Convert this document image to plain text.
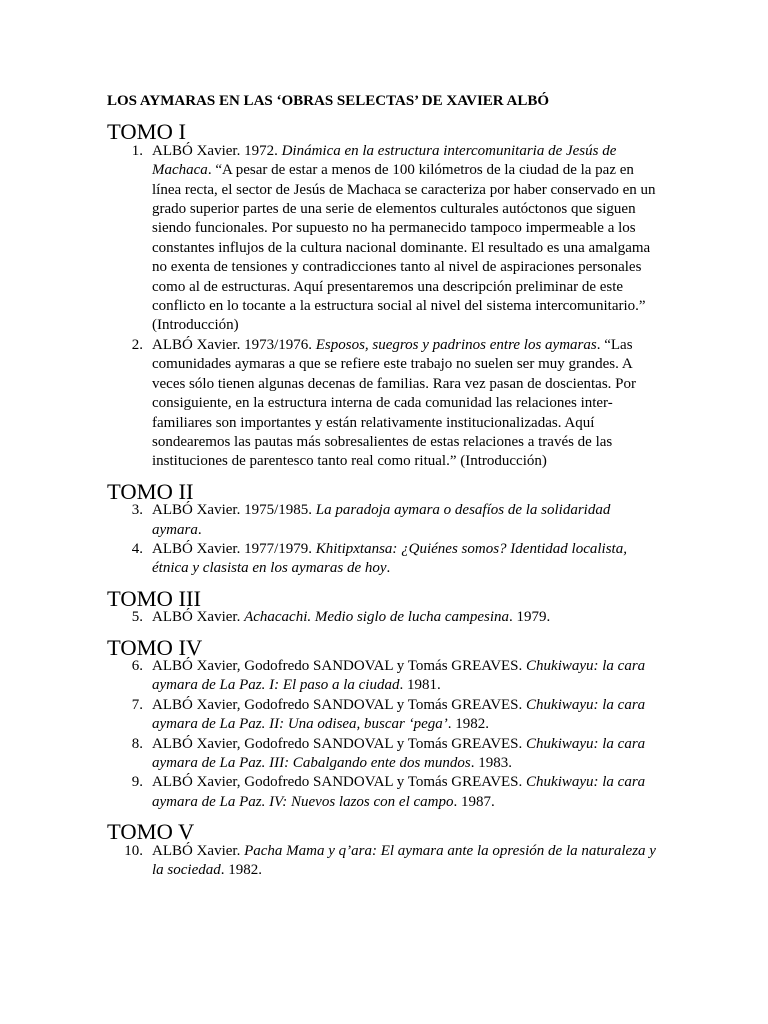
LOS AYMARAS EN LAS ‘OBRAS SELECTAS’ DE XAVIER ALBÓ
TOMO I
1. ALBÓ Xavier. 1972. Dinámica en la estructura intercomunitaria de Jesús de Machaca. “A pesar de estar a menos de 100 kilómetros de la ciudad de la paz en línea recta, el sector de Jesús de Machaca se caracteriza por haber conservado en un grado superior partes de una serie de elementos culturales autóctonos que siguen siendo funcionales. Por supuesto no ha permanecido tampoco impermeable a los constantes influjos de la cultura nacional dominante. El resultado es una amalgama no exenta de tensiones y contradicciones tanto al nivel de aspiraciones personales como al de estructuras. Aquí presentaremos una descripción preliminar de este conflicto en lo tocante a la estructura social al nivel del sistema intercomunitario.” (Introducción)
2. ALBÓ Xavier. 1973/1976. Esposos, suegros y padrinos entre los aymaras. “Las comunidades aymaras a que se refiere este trabajo no suelen ser muy grandes. A veces sólo tienen algunas decenas de familias. Rara vez pasan de doscientas. Por consiguiente, en la estructura interna de cada comunidad las relaciones inter-familiares son importantes y están relativamente institucionalizadas. Aquí sondearemos las pautas más sobresalientes de estas relaciones a través de las instituciones de parentesco tanto real como ritual.” (Introducción)
TOMO II
3. ALBÓ Xavier. 1975/1985. La paradoja aymara o desafíos de la solidaridad aymara.
4. ALBÓ Xavier. 1977/1979. Khitipxtansa: ¿Quiénes somos? Identidad localista, étnica y clasista en los aymaras de hoy.
TOMO III
5. ALBÓ Xavier. Achacachi. Medio siglo de lucha campesina. 1979.
TOMO IV
6. ALBÓ Xavier, Godofredo SANDOVAL y Tomás GREAVES. Chukiwayu: la cara aymara de La Paz. I: El paso a la ciudad. 1981.
7. ALBÓ Xavier, Godofredo SANDOVAL y Tomás GREAVES. Chukiwayu: la cara aymara de La Paz. II: Una odisea, buscar ‘pega’. 1982.
8. ALBÓ Xavier, Godofredo SANDOVAL y Tomás GREAVES. Chukiwayu: la cara aymara de La Paz. III: Cabalgando ente dos mundos. 1983.
9. ALBÓ Xavier, Godofredo SANDOVAL y Tomás GREAVES. Chukiwayu: la cara aymara de La Paz. IV: Nuevos lazos con el campo. 1987.
TOMO V
10. ALBÓ Xavier. Pacha Mama y q’ara: El aymara ante la opresión de la naturaleza y la sociedad. 1982.
